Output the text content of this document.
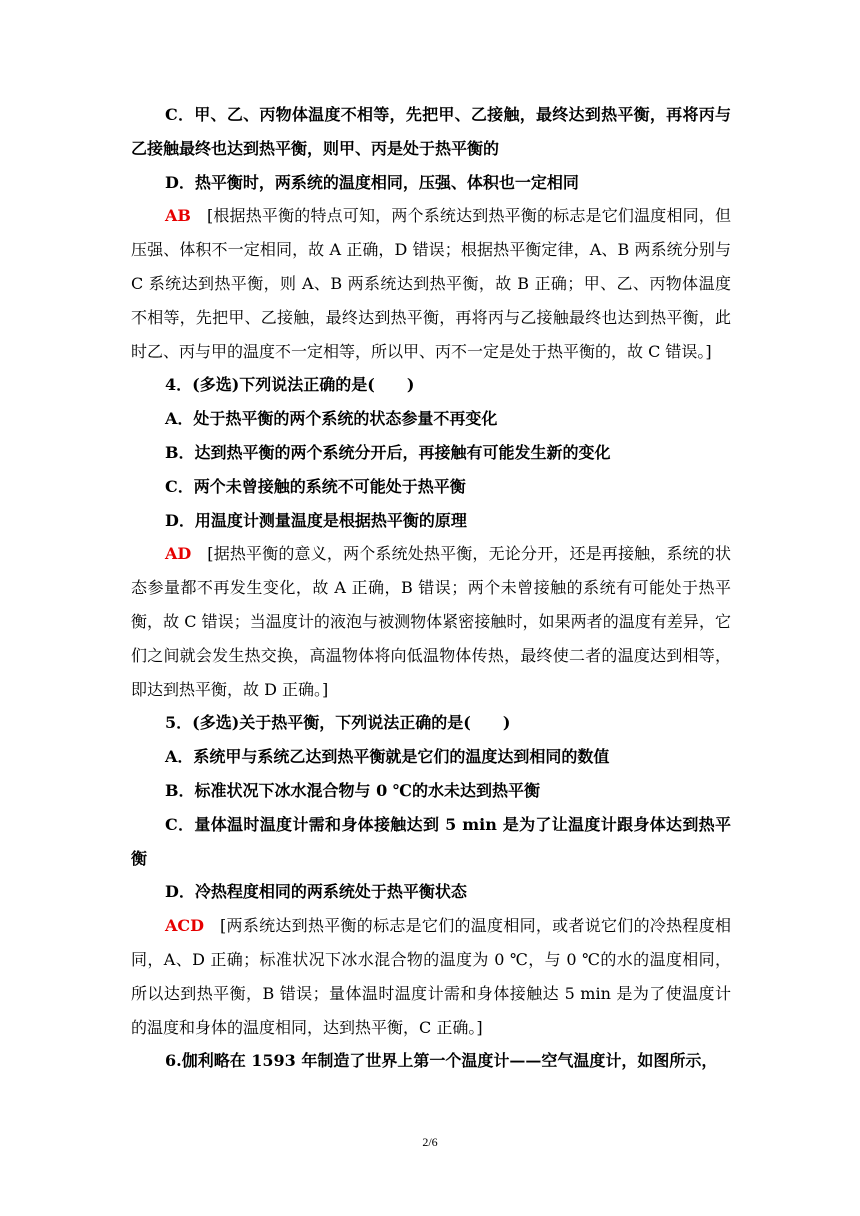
C．甲、乙、丙物体温度不相等，先把甲、乙接触，最终达到热平衡，再将丙与乙接触最终也达到热平衡，则甲、丙是处于热平衡的

D．热平衡时，两系统的温度相同，压强、体积也一定相同

AB [根据热平衡的特点可知，两个系统达到热平衡的标志是它们温度相同，但压强、体积不一定相同，故 A 正确，D 错误；根据热平衡定律，A、B 两系统分别与 C 系统达到热平衡，则 A、B 两系统达到热平衡，故 B 正确；甲、乙、丙物体温度不相等，先把甲、乙接触，最终达到热平衡，再将丙与乙接触最终也达到热平衡，此时乙、丙与甲的温度不一定相等，所以甲、丙不一定是处于热平衡的，故 C 错误。]

4．(多选)下列说法正确的是(　　)

A．处于热平衡的两个系统的状态参量不再变化

B．达到热平衡的两个系统分开后，再接触有可能发生新的变化

C．两个未曾接触的系统不可能处于热平衡

D．用温度计测量温度是根据热平衡的原理

AD [据热平衡的意义，两个系统处热平衡，无论分开，还是再接触，系统的状态参量都不再发生变化，故 A 正确，B 错误；两个未曾接触的系统有可能处于热平衡，故 C 错误；当温度计的液泡与被测物体紧密接触时，如果两者的温度有差异，它们之间就会发生热交换，高温物体将向低温物体传热，最终使二者的温度达到相等，即达到热平衡，故 D 正确。]

5．(多选)关于热平衡，下列说法正确的是(　　)

A．系统甲与系统乙达到热平衡就是它们的温度达到相同的数值

B．标准状况下冰水混合物与 0 ℃的水未达到热平衡

C．量体温时温度计需和身体接触达到 5 min 是为了让温度计跟身体达到热平衡

D．冷热程度相同的两系统处于热平衡状态

ACD [两系统达到热平衡的标志是它们的温度相同，或者说它们的冷热程度相同，A、D 正确；标准状况下冰水混合物的温度为 0 ℃，与 0 ℃的水的温度相同，所以达到热平衡，B 错误；量体温时温度计需和身体接触达 5 min 是为了使温度计的温度和身体的温度相同，达到热平衡，C 正确。]

6.伽利略在 1593 年制造了世界上第一个温度计——空气温度计，如图所示，

2/6
